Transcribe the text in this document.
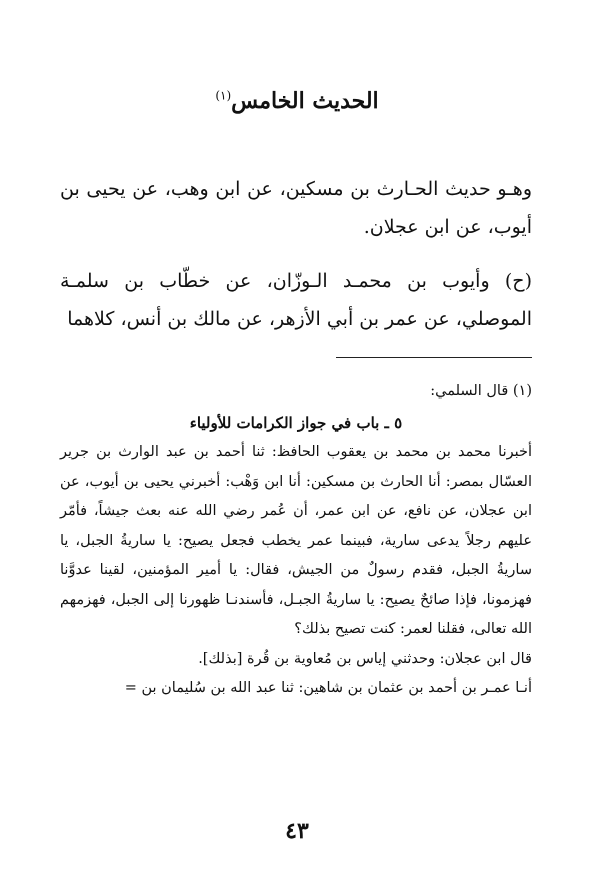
الحديث الخامس$^{(١)}$

وهـو حديث الحـارث بن مسكين، عن ابن وهب، عن يحيى بن أيوب، عن ابن عجلان.

(ح) وأيوب بن محمـد الـوزّان، عن خطّاب بن سلمـة الموصلي، عن عمر بن أبي الأزهر، عن مالك بن أنس، كلاهما

(١) قال السلمي:

٥ ـ باب في جواز الكرامات للأولياء

أخبرنا محمد بن محمد بن يعقوب الحافظ: ثنا أحمد بن عبد الوارث بن جرير العسّال بمصر: أنا الحارث بن مسكين: أنا ابن وَهْب: أخبرني يحيى بن أيوب، عن ابن عجلان، عن نافع، عن ابن عمر، أن عُمر رضي الله عنه بعث جيشاً، فأمّر عليهم رجلاً يدعى سارية، فبينما عمر يخطب فجعل يصيح: يا ساريةُ الجبل، يا ساريةُ الجبل، فقدم رسولٌ من الجيش، فقال: يا أمير المؤمنين، لقينا عدوَّنا فهزمونا، فإذا صائحٌ يصيح: يا ساريةُ الجبـل، فأسندنـا ظهورنا إلى الجبل، فهزمهم الله تعالى، فقلنا لعمر: كنت تصيح بذلك؟

قال ابن عجلان: وحدثني إياس بن مُعاوية بن قُرة [بذلك].

أنـا عمـر بن أحمد بن عثمان بن شاهين: ثنا عبد الله بن سُليمان بن =

٤٣
